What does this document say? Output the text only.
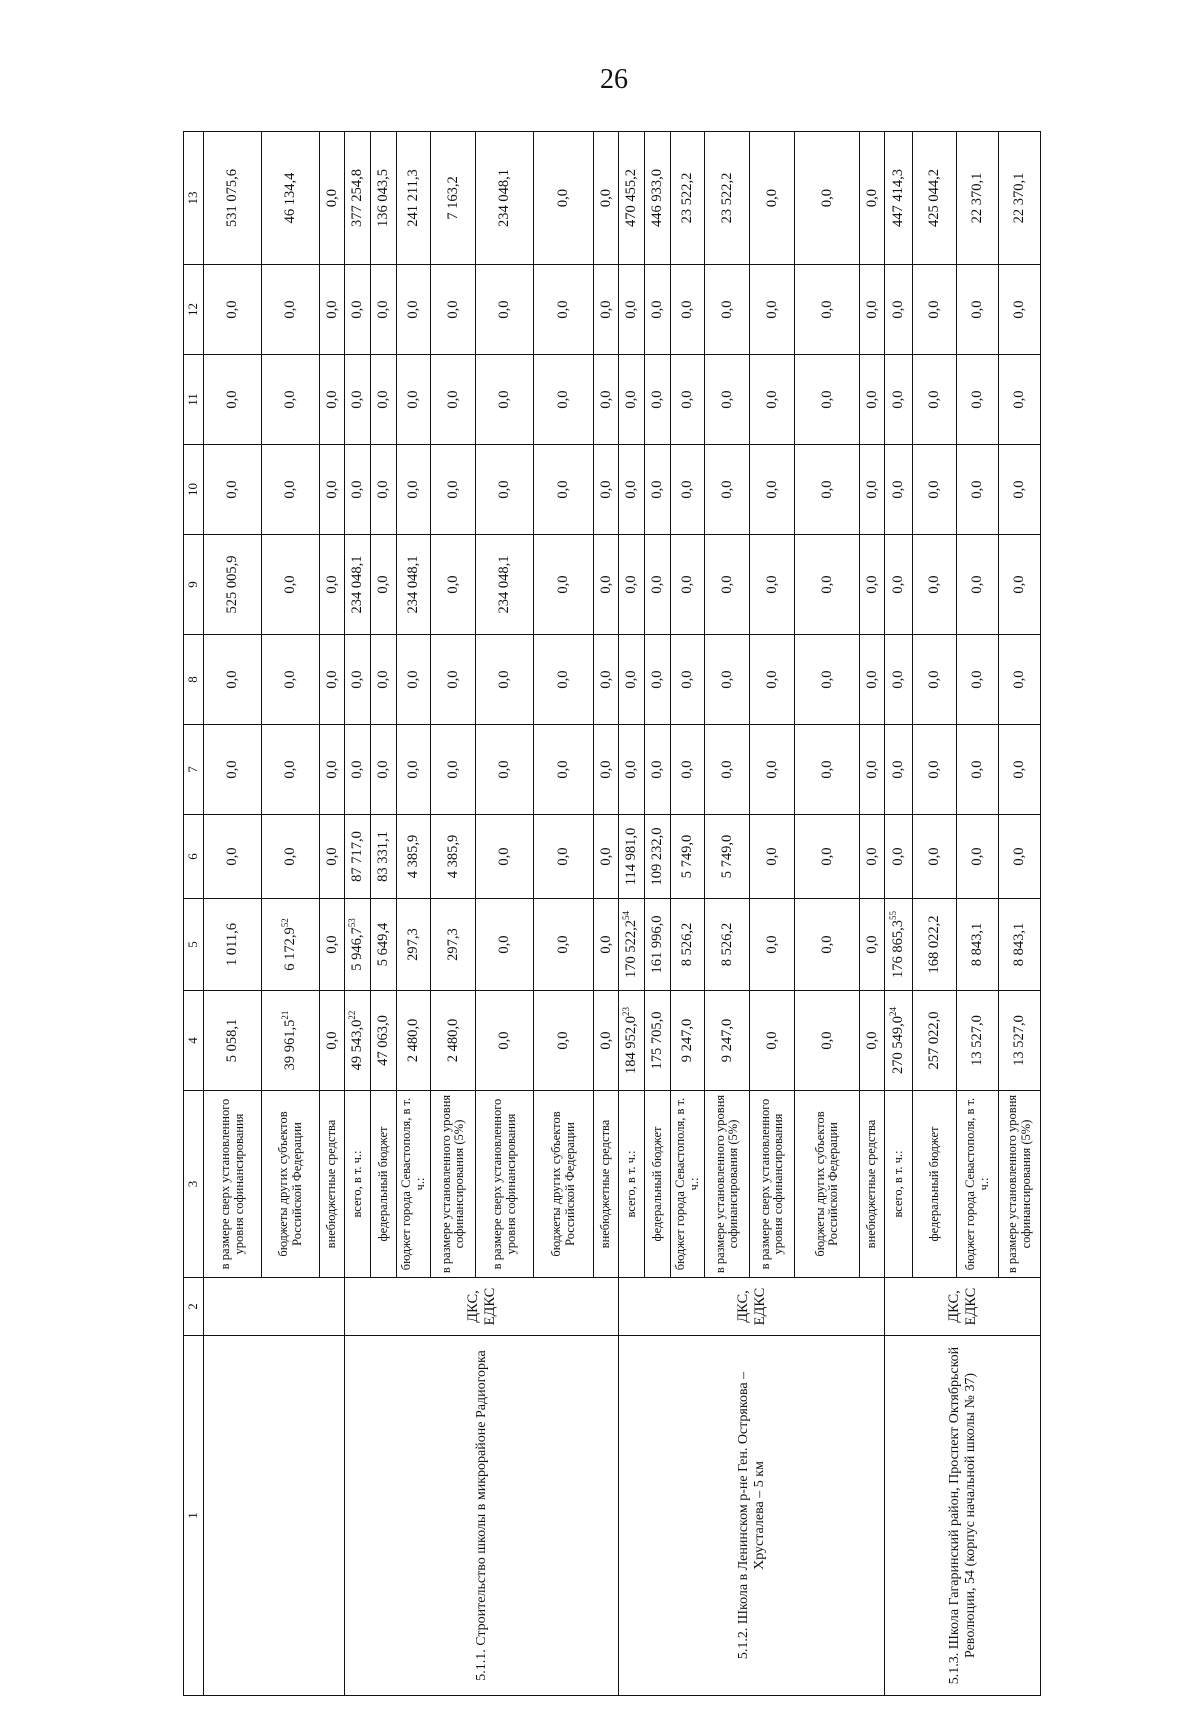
26
1	2	3	4	5	6	7	8	9	10	11	12	13
		в размере сверх установленного уровня софинансирования	5 058,1	1 011,6	0,0	0,0	0,0	525 005,9	0,0	0,0	0,0	531 075,6
		бюджеты других субъектов Российской Федерации	39 961,5$^{21}$	6 172,9$^{52}$	0,0	0,0	0,0	0,0	0,0	0,0	0,0	46 134,4
		внебюджетные средства	0,0	0,0	0,0	0,0	0,0	0,0	0,0	0,0	0,0	0,0
5.1.1. Строительство школы в микрорайоне Радиогорка	ДКС, ЕДКС	всего, в т. ч.:	49 543,0$^{22}$	5 946,7$^{53}$	87 717,0	0,0	0,0	234 048,1	0,0	0,0	0,0	377 254,8
		федеральный бюджет	47 063,0	5 649,4	83 331,1	0,0	0,0	0,0	0,0	0,0	0,0	136 043,5
		бюджет города Севастополя, в т. ч.:	2 480,0	297,3	4 385,9	0,0	0,0	234 048,1	0,0	0,0	0,0	241 211,3
		в размере установленного уровня софинансирования (5%)	2 480,0	297,3	4 385,9	0,0	0,0	0,0	0,0	0,0	0,0	7 163,2
		в размере сверх установленного уровня софинансирования	0,0	0,0	0,0	0,0	0,0	234 048,1	0,0	0,0	0,0	234 048,1
		бюджеты других субъектов Российской Федерации	0,0	0,0	0,0	0,0	0,0	0,0	0,0	0,0	0,0	0,0
		внебюджетные средства	0,0	0,0	0,0	0,0	0,0	0,0	0,0	0,0	0,0	0,0
5.1.2. Школа в Ленинском р-не Ген. Острякова – Хрусталева – 5 км	ДКС, ЕДКС	всего, в т. ч.:	184 952,0$^{23}$	170 522,2$^{54}$	114 981,0	0,0	0,0	0,0	0,0	0,0	0,0	470 455,2
		федеральный бюджет	175 705,0	161 996,0	109 232,0	0,0	0,0	0,0	0,0	0,0	0,0	446 933,0
		бюджет города Севастополя, в т. ч.:	9 247,0	8 526,2	5 749,0	0,0	0,0	0,0	0,0	0,0	0,0	23 522,2
		в размере установленного уровня софинансирования (5%)	9 247,0	8 526,2	5 749,0	0,0	0,0	0,0	0,0	0,0	0,0	23 522,2
		в размере сверх установленного уровня софинансирования	0,0	0,0	0,0	0,0	0,0	0,0	0,0	0,0	0,0	0,0
		бюджеты других субъектов Российской Федерации	0,0	0,0	0,0	0,0	0,0	0,0	0,0	0,0	0,0	0,0
		внебюджетные средства	0,0	0,0	0,0	0,0	0,0	0,0	0,0	0,0	0,0	0,0
5.1.3. Школа Гагаринский район, Проспект Октябрьской Революции, 54 (корпус начальной школы № 37)	ДКС, ЕДКС	всего, в т. ч.:	270 549,0$^{24}$	176 865,3$^{55}$	0,0	0,0	0,0	0,0	0,0	0,0	0,0	447 414,3
		федеральный бюджет	257 022,0	168 022,2	0,0	0,0	0,0	0,0	0,0	0,0	0,0	425 044,2
		бюджет города Севастополя, в т. ч.:	13 527,0	8 843,1	0,0	0,0	0,0	0,0	0,0	0,0	0,0	22 370,1
		в размере установленного уровня софинансирования (5%)	13 527,0	8 843,1	0,0	0,0	0,0	0,0	0,0	0,0	0,0	22 370,1
